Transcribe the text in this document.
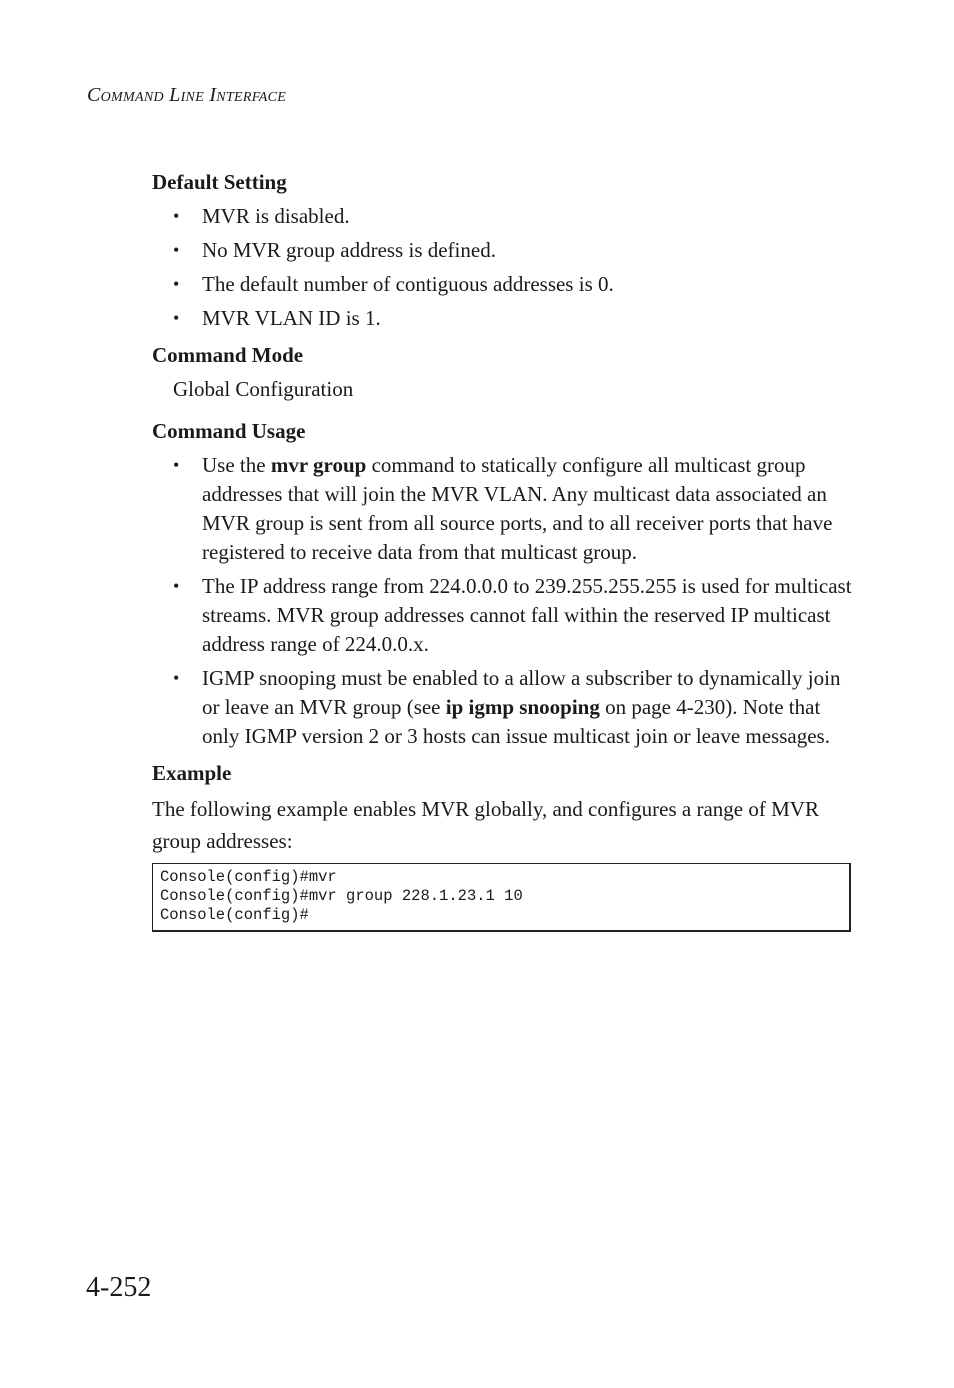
Command Line Interface
Default Setting
• MVR is disabled.
• No MVR group address is defined.
• The default number of contiguous addresses is 0.
• MVR VLAN ID is 1.
Command Mode

Global Configuration

Command Usage
• Use the mvr group command to statically configure all multicast group addresses that will join the MVR VLAN. Any multicast data associated an MVR group is sent from all source ports, and to all receiver ports that have registered to receive data from that multicast group.
• The IP address range from 224.0.0.0 to 239.255.255.255 is used for multicast streams. MVR group addresses cannot fall within the reserved IP multicast address range of 224.0.0.x.
• IGMP snooping must be enabled to a allow a subscriber to dynamically join or leave an MVR group (see ip igmp snooping on page 4-230). Note that only IGMP version 2 or 3 hosts can issue multicast join or leave messages.
Example

The following example enables MVR globally, and configures a range of MVR group addresses:

Console(config)#mvr
Console(config)#mvr group 228.1.23.1 10
Console(config)#
4-252
